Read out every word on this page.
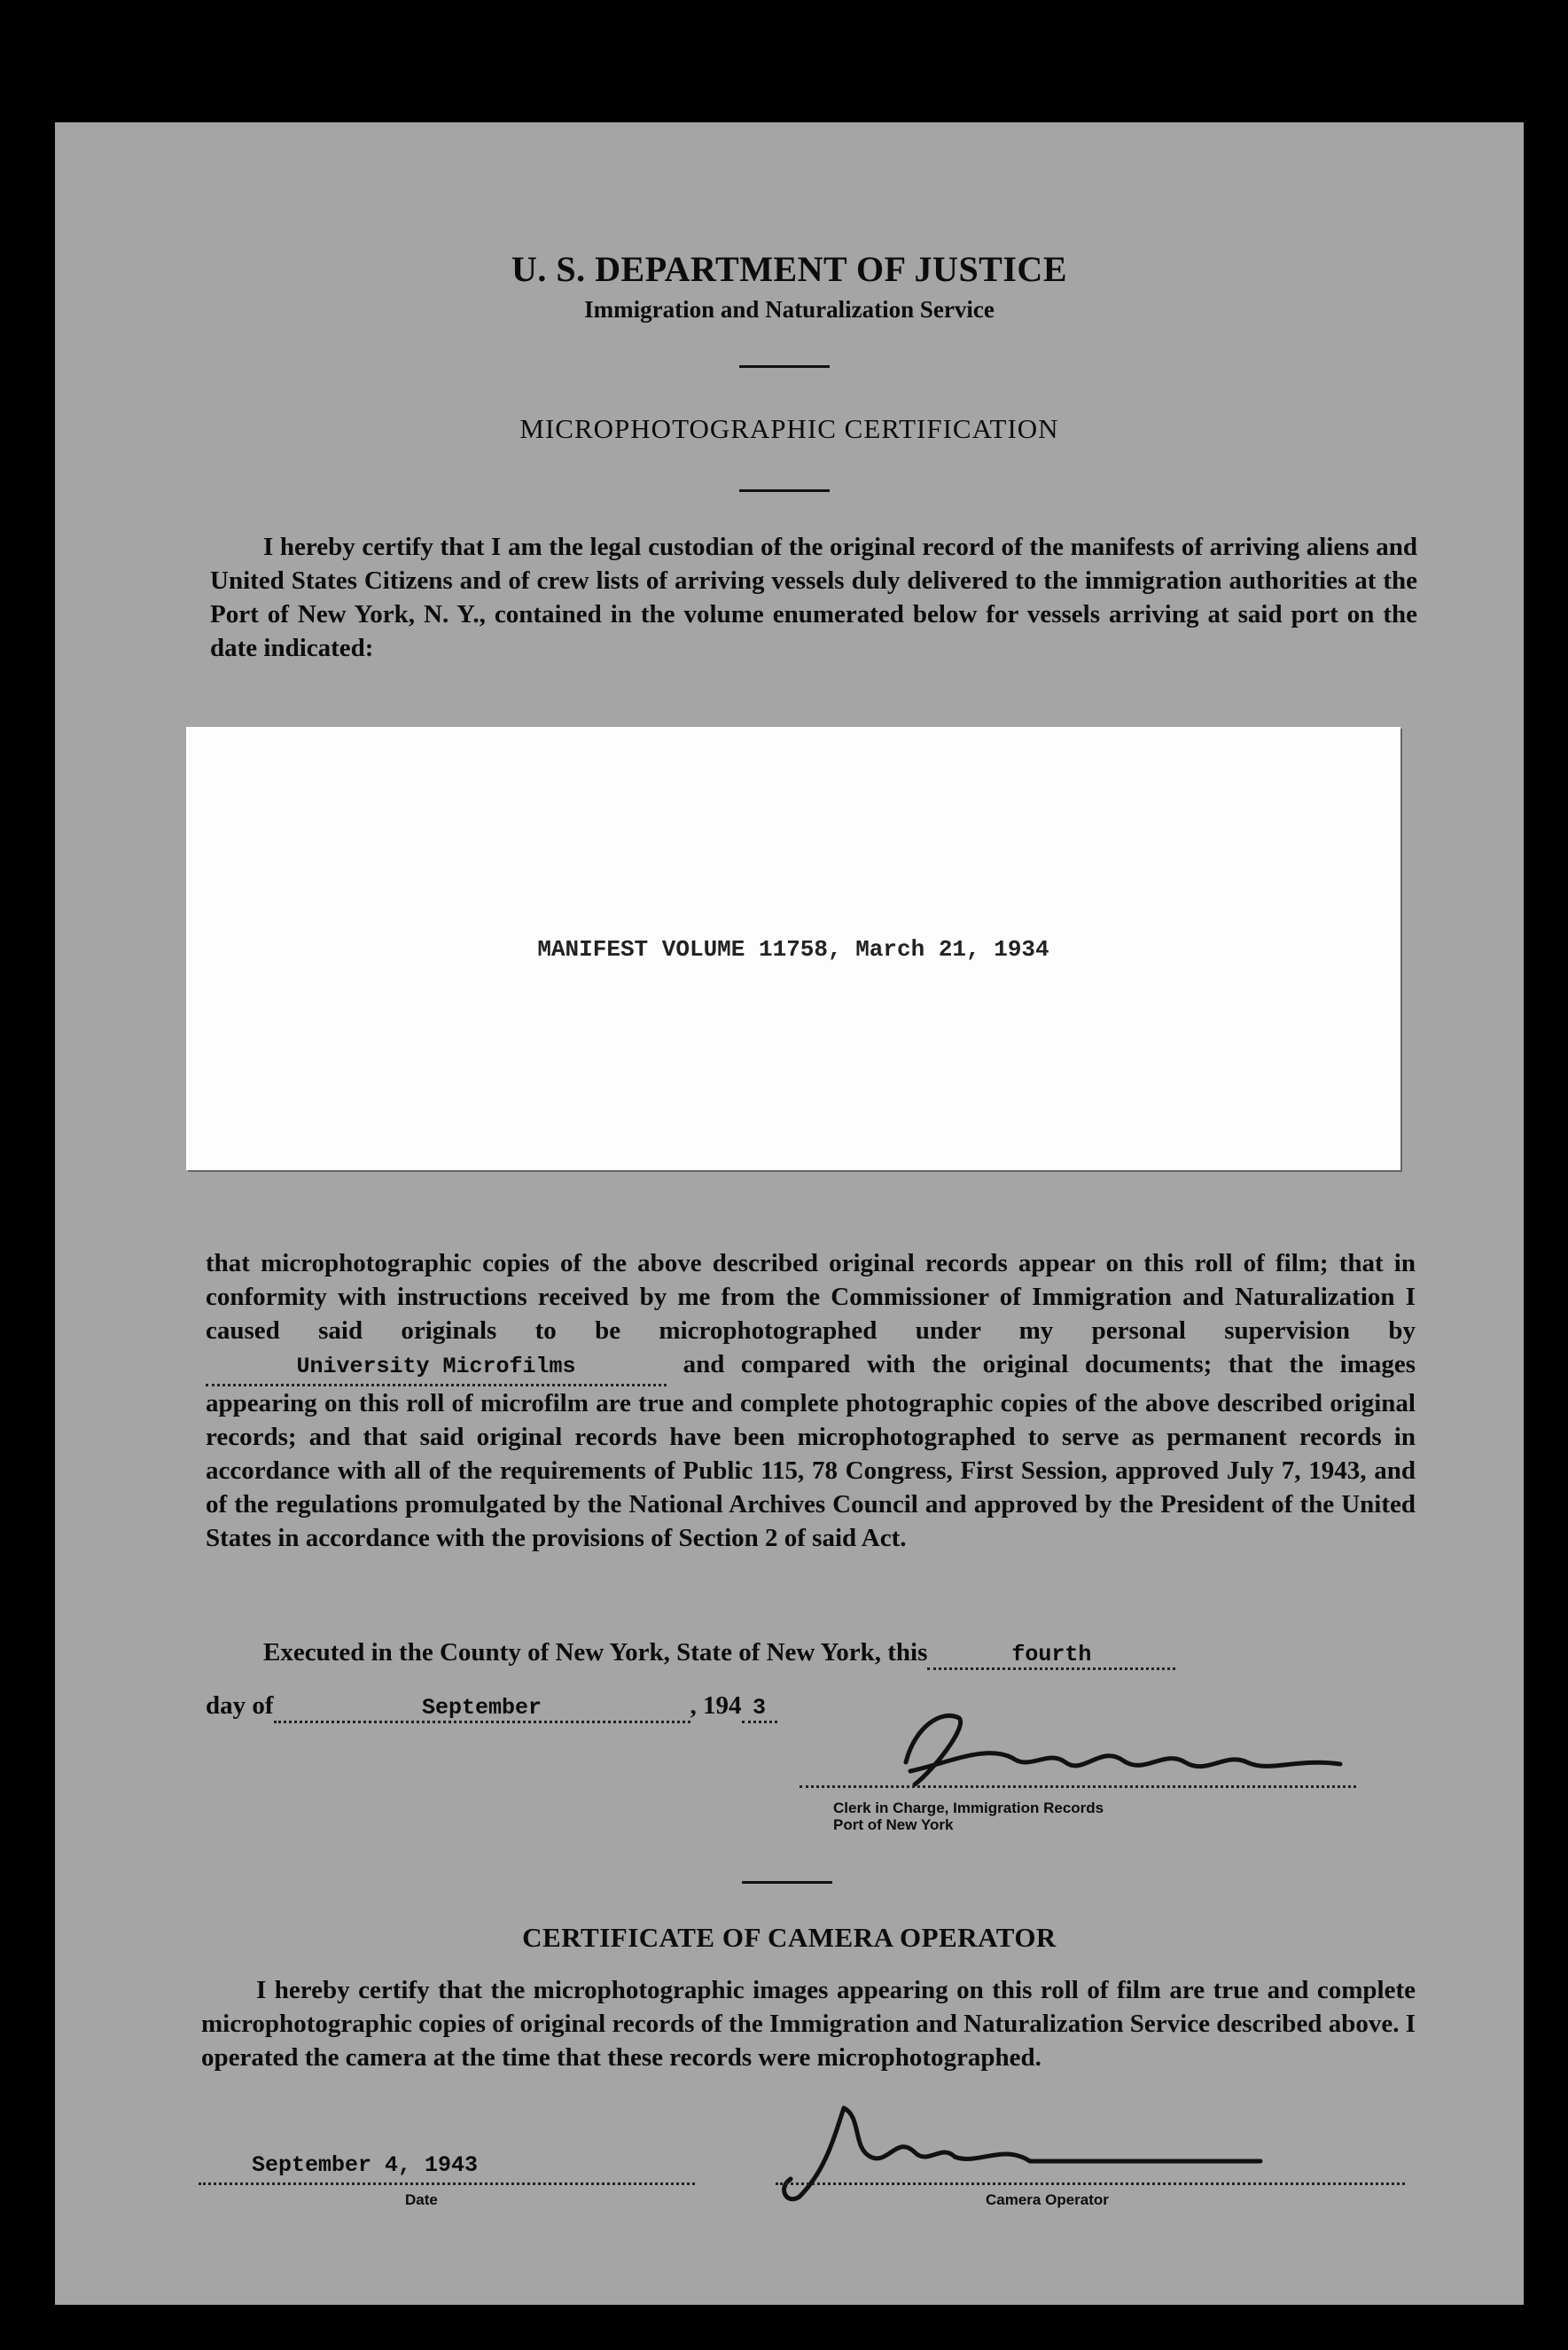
U. S. DEPARTMENT OF JUSTICE
Immigration and Naturalization Service
MICROPHOTOGRAPHIC CERTIFICATION

I hereby certify that I am the legal custodian of the original record of the manifests of arriving aliens and United States Citizens and of crew lists of arriving vessels duly delivered to the immigration authorities at the Port of New York, N. Y., contained in the volume enumerated below for vessels arriving at said port on the date indicated:

MANIFEST VOLUME 11758, March 21, 1934

that microphotographic copies of the above described original records appear on this roll of film; that in conformity with instructions received by me from the Commissioner of Immigration and Naturalization I caused said originals to be microphotographed under my personal supervision by University Microfilms	and compared with the original documents; that the images appearing on this roll of microfilm are true and complete photographic copies of the above described original records; and that said original records have been microphotographed to serve as permanent records in accordance with all of the requirements of Public 115, 78 Congress, First Session, approved July 7, 1943, and of the regulations promulgated by the National Archives Council and approved by the President of the United States in accordance with the provisions of Section 2 of said Act.

Executed in the County of New York, State of New York, this	fourth
day of	September	, 194 3
Clerk in Charge, Immigration Records
Port of New York
CERTIFICATE OF CAMERA OPERATOR

I hereby certify that the microphotographic images appearing on this roll of film are true and complete microphotographic copies of original records of the Immigration and Naturalization Service described above. I operated the camera at the time that these records were microphotographed.

September 4, 1943
Date	Camera Operator
